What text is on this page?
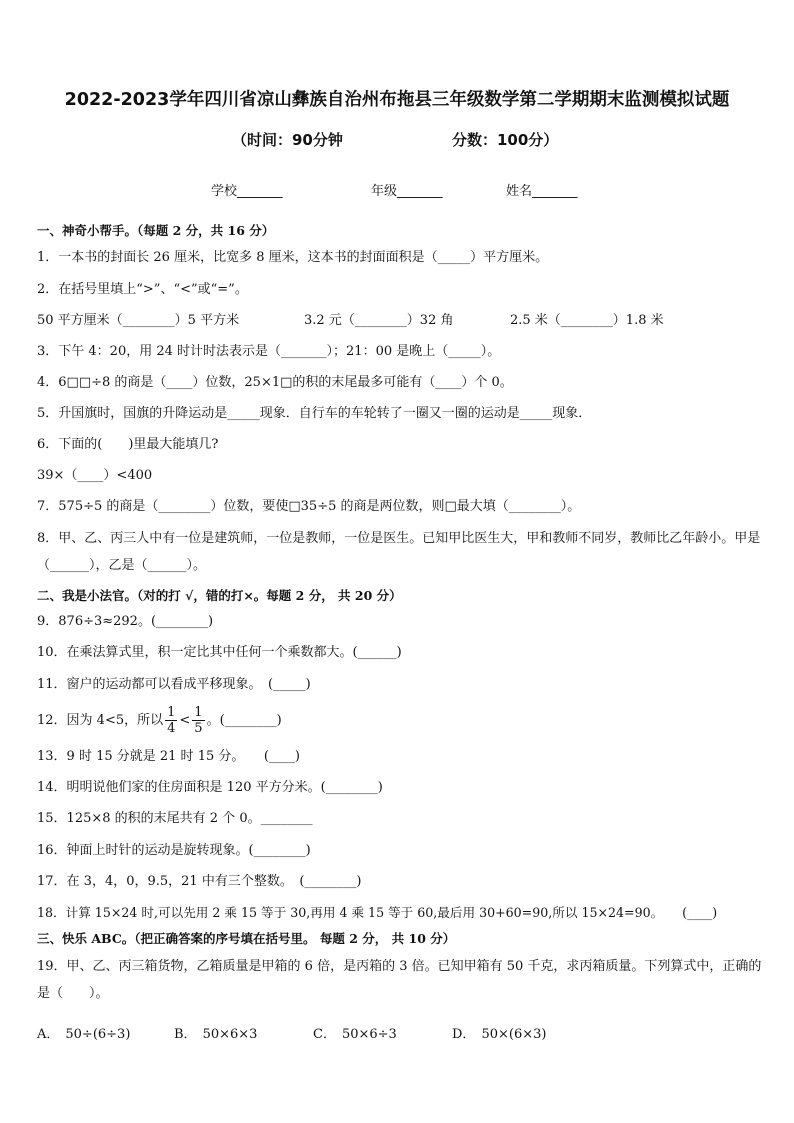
2022-2023学年四川省凉山彝族自治州布拖县三年级数学第二学期期末监测模拟试题
（时间：90分钟	分数：100分）
学校_______	年级_______	姓名_______
一、神奇小帮手。（每题 2 分，共 16 分）
1．一本书的封面长 26 厘米，比宽多 8 厘米，这本书的封面面积是（_____）平方厘米。
2．在括号里填上“>”、“<”或“=”。
50 平方厘米（________）5 平方米	3.2 元（________）32 角	2.5 米（________）1.8 米
3．下午 4：20，用 24 时计时法表示是（_______）；21：00 是晚上（_____）。
4．6□□÷8 的商是（____）位数，25×1□的积的末尾最多可能有（____）个 0。
5．升国旗时，国旗的升降运动是_____现象．自行车的车轮转了一圈又一圈的运动是_____现象．
6．下面的(　　)里最大能填几?
39×（____）<400
7．575÷5 的商是（________）位数，要使□35÷5 的商是两位数，则□最大填（________）。
8．甲、乙、丙三人中有一位是建筑师，一位是教师，一位是医生。已知甲比医生大，甲和教师不同岁，教师比乙年龄小。甲是（______），乙是（______）。
二、我是小法官。（对的打 √，错的打×。每题 2 分， 共 20 分）
9．876÷3≈292。(________)
10．在乘法算式里，积一定比其中任何一个乘数都大。(______)
11．窗户的运动都可以看成平移现象。　(_____)
12．因为 4<5，所以 $\frac{1}{4} < \frac{1}{5}$ 。(________)
13．9 时 15 分就是 21 时 15 分。　　(____)
14．明明说他们家的住房面积是 120 平方分米。(________)
15．125×8 的积的末尾共有 2 个 0。________
16．钟面上时针的运动是旋转现象。(________)
17．在 3，4，0，9.5，21 中有三个整数。　(________)
18．计算 15×24 时,可以先用 2 乘 15 等于 30,再用 4 乘 15 等于 60,最后用 30+60=90,所以 15×24=90。　　(____)
三、快乐 ABC。（把正确答案的序号填在括号里。 每题 2 分， 共 10 分）
19．甲、乙、丙三箱货物，乙箱质量是甲箱的 6 倍，是丙箱的 3 倍。已知甲箱有 50 千克，求丙箱质量。下列算式中，正确的是（　　）。
A． 50÷(6÷3)	B． 50×6×3	C． 50×6÷3	D． 50×(6×3)
